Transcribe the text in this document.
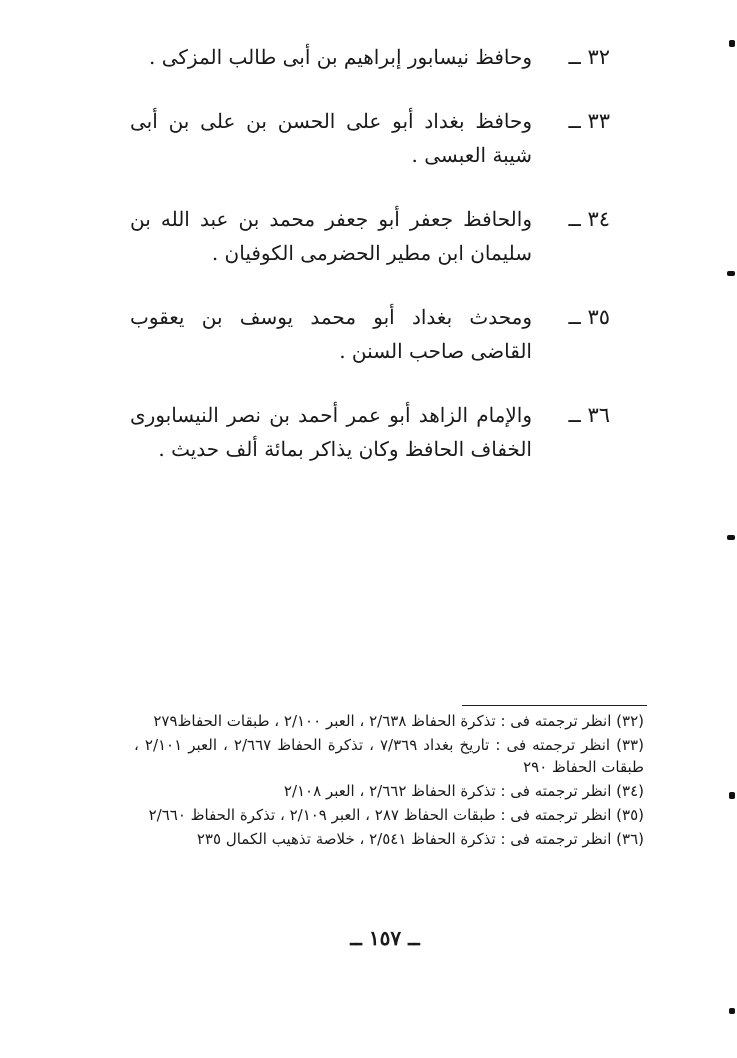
٣٢ ــ
وحافظ نيسابور إبراهيم بن أبى طالب المزكى .
٣٣ ــ
وحافظ بغداد أبو على الحسن بن على بن أبى شيبة العبسى .
٣٤ ــ
والحافظ جعفر أبو جعفر محمد بن عبد الله بن سليمان ابن مطير الحضرمى الكوفيان .
٣٥ ــ
ومحدث بغداد أبو محمد يوسف بن يعقوب القاضى صاحب السنن .
٣٦ ــ
والإمام الزاهد أبو عمر أحمد بن نصر النيسابورى الخفاف الحافظ وكان يذاكر بمائة ألف حديث .
(٣٢) انظر ترجمته فى : تذكرة الحفاظ ٢/٦٣٨ ، العبر ٢/١٠٠ ، طبقات الحفاظ٢٧٩
(٣٣) انظر ترجمته فى : تاريخ بغداد ٧/٣٦٩ ، تذكرة الحفاظ ٢/٦٦٧ ، العبر ٢/١٠١ ، طبقات الحفاظ ٢٩٠
(٣٤) انظر ترجمته فى : تذكرة الحفاظ ٢/٦٦٢ ، العبر ٢/١٠٨
(٣٥) انظر ترجمته فى : طبقات الحفاظ ٢٨٧ ، العبر ٢/١٠٩ ، تذكرة الحفاظ ٢/٦٦٠
(٣٦) انظر ترجمته فى : تذكرة الحفاظ ٢/٥٤١ ، خلاصة تذهيب الكمال ٢٣٥
ــ ١٥٧ ــ
